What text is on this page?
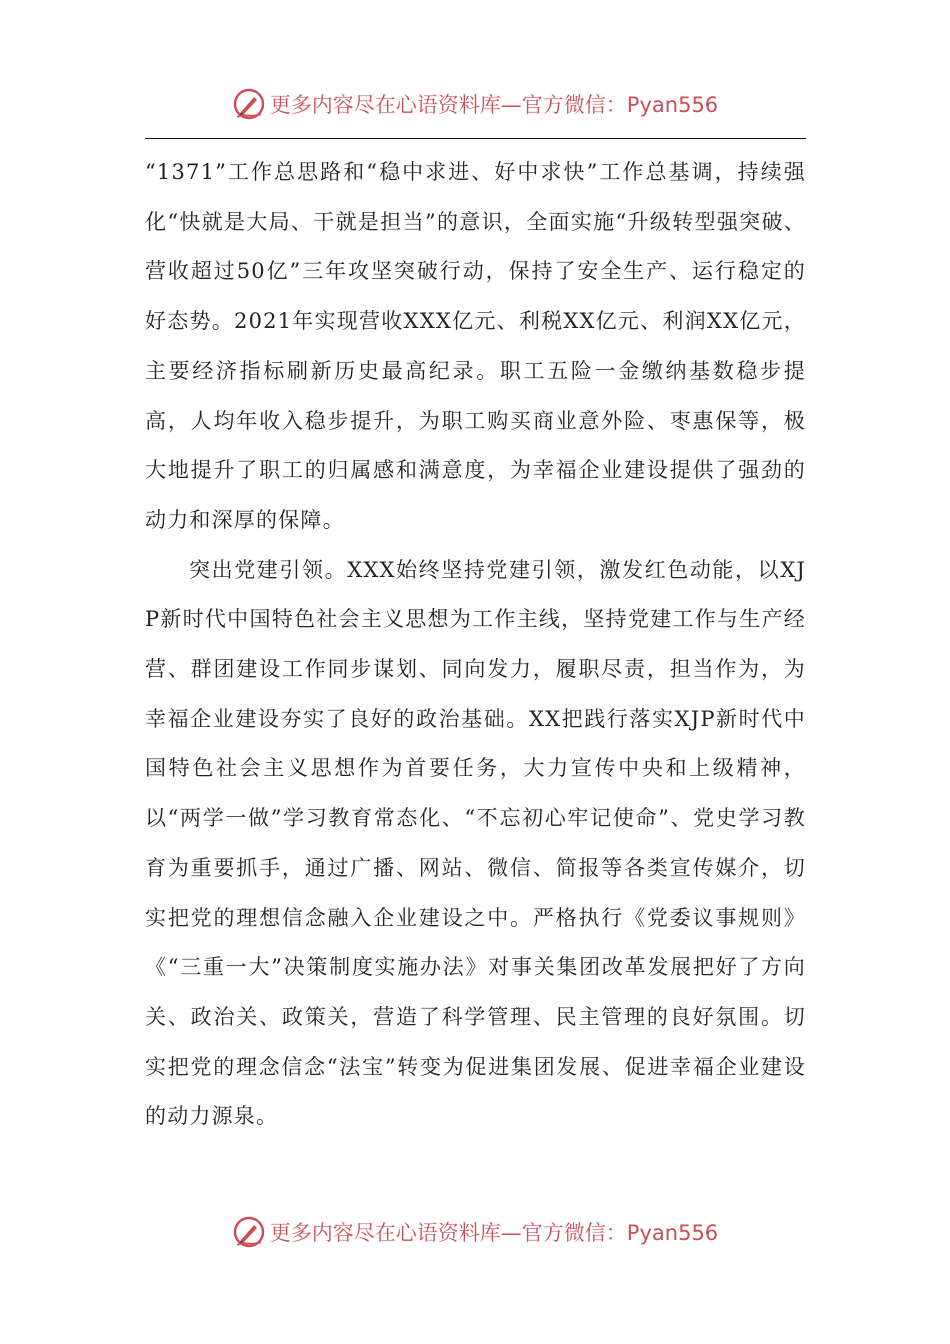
更多内容尽在心语资料库—官方微信：Pyan556

“1371”工作总思路和“稳中求进、好中求快”工作总基调，持续强化“快就是大局、干就是担当”的意识，全面实施“升级转型强突破、营收超过50亿”三年攻坚突破行动，保持了安全生产、运行稳定的好态势。2021年实现营收XXX亿元、利税XX亿元、利润XX亿元，主要经济指标刷新历史最高纪录。职工五险一金缴纳基数稳步提高，人均年收入稳步提升，为职工购买商业意外险、枣惠保等，极大地提升了职工的归属感和满意度，为幸福企业建设提供了强劲的动力和深厚的保障。

突出党建引领。XXX始终坚持党建引领，激发红色动能，以XJP新时代中国特色社会主义思想为工作主线，坚持党建工作与生产经营、群团建设工作同步谋划、同向发力，履职尽责，担当作为，为幸福企业建设夯实了良好的政治基础。XX把践行落实XJP新时代中国特色社会主义思想作为首要任务，大力宣传中央和上级精神，以“两学一做”学习教育常态化、“不忘初心牢记使命”、党史学习教育为重要抓手，通过广播、网站、微信、简报等各类宣传媒介，切实把党的理想信念融入企业建设之中。严格执行《党委议事规则》《“三重一大”决策制度实施办法》对事关集团改革发展把好了方向关、政治关、政策关，营造了科学管理、民主管理的良好氛围。切实把党的理念信念“法宝”转变为促进集团发展、促进幸福企业建设的动力源泉。

更多内容尽在心语资料库—官方微信：Pyan556
